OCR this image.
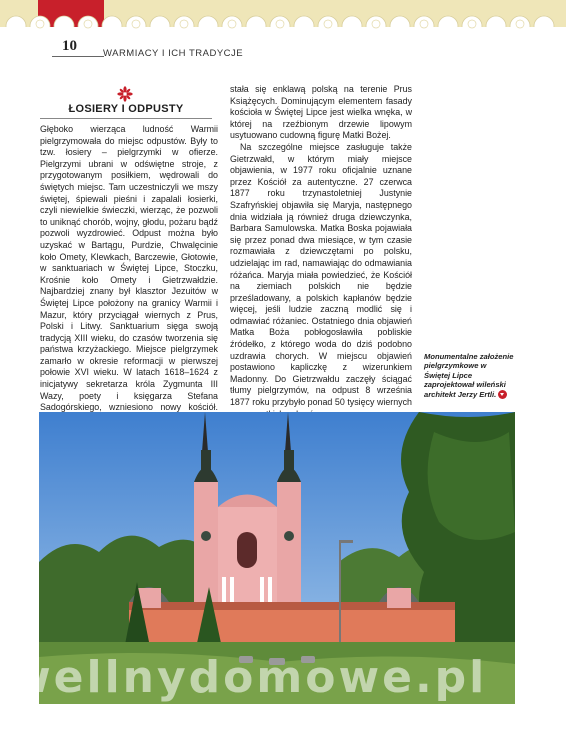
10	WARMIACY I ICH TRADYCJE
ŁOSIERY I ODPUSTY

Głęboko wierząca ludność Warmii pielgrzymowała do miejsc odpustów. Były to tzw. łosiery – pielgrzymki w ofierze. Pielgrzymi ubrani w odświętne stroje, z przygotowanym posiłkiem, wędrowali do świętych miejsc. Tam uczestniczyli we mszy świętej, śpiewali pieśni i zapalali łosierki, czyli niewielkie świeczki, wierząc, że pozwoli to uniknąć chorób, wojny, głodu, pożaru bądź pozwoli wyzdrowieć. Odpust można było uzyskać w Bartągu, Purdzie, Chwalęcinie koło Omety, Klewkach, Barczewie, Głotowie, w sanktuariach w Świętej Lipce, Stoczku, Krośnie koło Omety i Gietrzwałdzie. Najbardziej znany był klasztor Jezuitów w Świętej Lipce położony na granicy Warmii i Mazur, który przyciągał wiernych z Prus, Polski i Litwy. Sanktuarium sięga swoją tradycją XIII wieku, do czasów tworzenia się państwa krzyżackiego. Miejsce pielgrzymek zamarło w okresie reformacji w pierwszej połowie XVI wieku. W latach 1618–1624 z inicjatywy sekretarza króla Zygmunta III Wazy, poety i księgarza Stefana Sadogórskiego, wzniesiono nowy kościół.

stała się enklawą polską na terenie Prus Książęcych. Dominującym elementem fasady kościoła w Świętej Lipce jest wielka wnęka, w której na rzeźbionym drzewie lipowym usytuowano cudowną figurę Matki Bożej.

Na szczególne miejsce zasługuje także Gietrzwałd, w którym miały miejsce objawienia, w 1977 roku oficjalnie uznane przez Kościół za autentyczne. 27 czerwca 1877 roku trzynastoletniej Justynie Szafryńskiej objawiła się Maryja, następnego dnia widziała ją również druga dziewczynka, Barbara Samulowska. Matka Boska pojawiała się przez ponad dwa miesiące, w tym czasie rozmawiała z dziewczętami po polsku, udzielając im rad, namawiając do odmawiania różańca. Maryja miała powiedzieć, że Kościół na ziemiach polskich nie będzie prześladowany, a polskich kapłanów będzie więcej, jeśli ludzie zaczną modlić się i odmawiać różaniec. Ostatniego dnia objawień Matka Boża pobłogosławiła pobliskie źródełko, z którego woda do dziś podobno uzdrawia chorych. W miejscu objawień postawiono kapliczkę z wizerunkiem Madonny. Do Gietrzwałdu zaczęły ściągać tłumy pielgrzymów, na odpust 8 września 1877 roku przybyło ponad 50 tysięcy wiernych

Monumentalne założenie pielgrzymkowe w Świętej Lipce zaprojektował wileński architekt Jerzy Ertli.
wellnydomowe.pl
